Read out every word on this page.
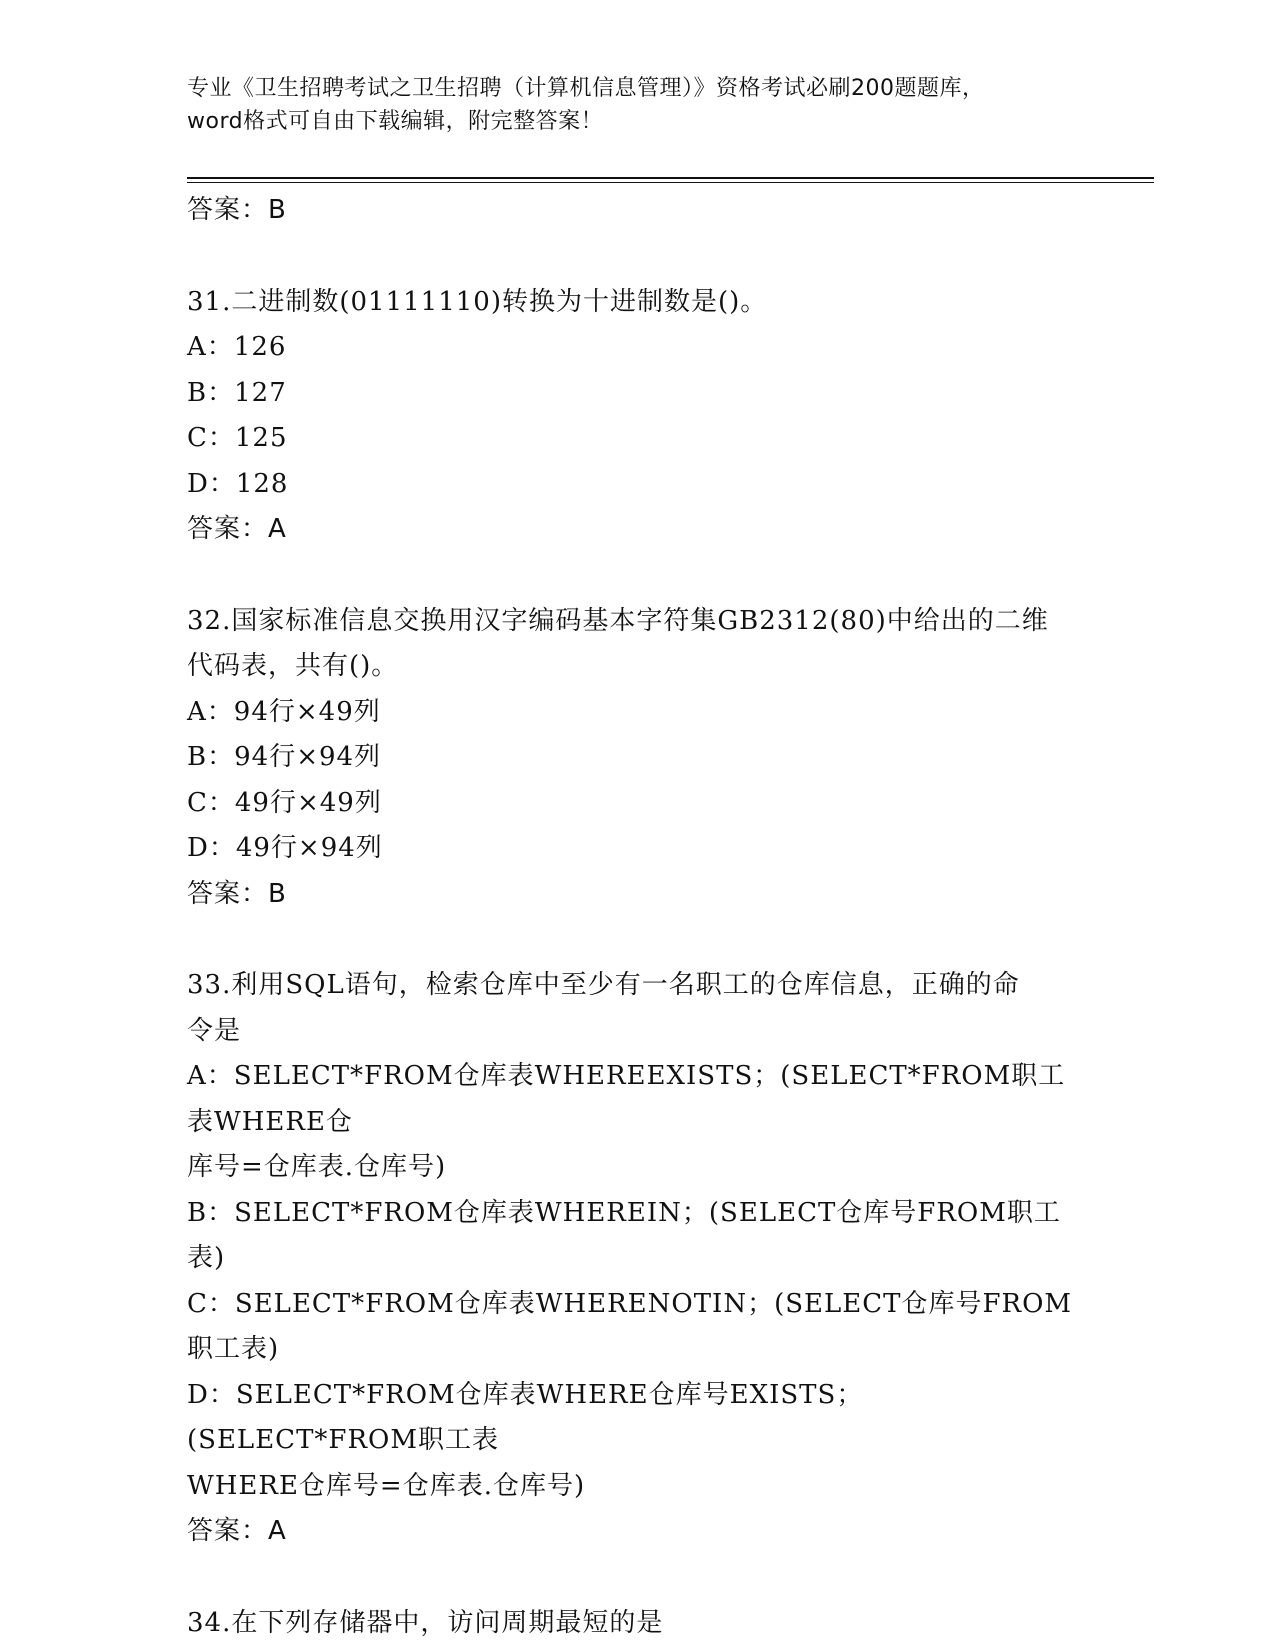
专业《卫生招聘考试之卫生招聘（计算机信息管理）》资格考试必刷200题题库，
word格式可自由下载编辑，附完整答案！
答案：B
31.二进制数(01111110)转换为十进制数是()。
A：126
B：127
C：125
D：128
答案：A
32.国家标准信息交换用汉字编码基本字符集GB2312(80)中给出的二维
代码表，共有()。
A：94行×49列
B：94行×94列
C：49行×49列
D：49行×94列
答案：B
33.利用SQL语句，检索仓库中至少有一名职工的仓库信息，正确的命
令是
A：SELECT*FROM仓库表WHEREEXISTS；(SELECT*FROM职工表WHERE仓
库号=仓库表.仓库号)
B：SELECT*FROM仓库表WHEREIN；(SELECT仓库号FROM职工表)
C：SELECT*FROM仓库表WHERENOTIN；(SELECT仓库号FROM职工表)
D：SELECT*FROM仓库表WHERE仓库号EXISTS；(SELECT*FROM职工表
WHERE仓库号=仓库表.仓库号)
答案：A
34.在下列存储器中，访问周期最短的是
